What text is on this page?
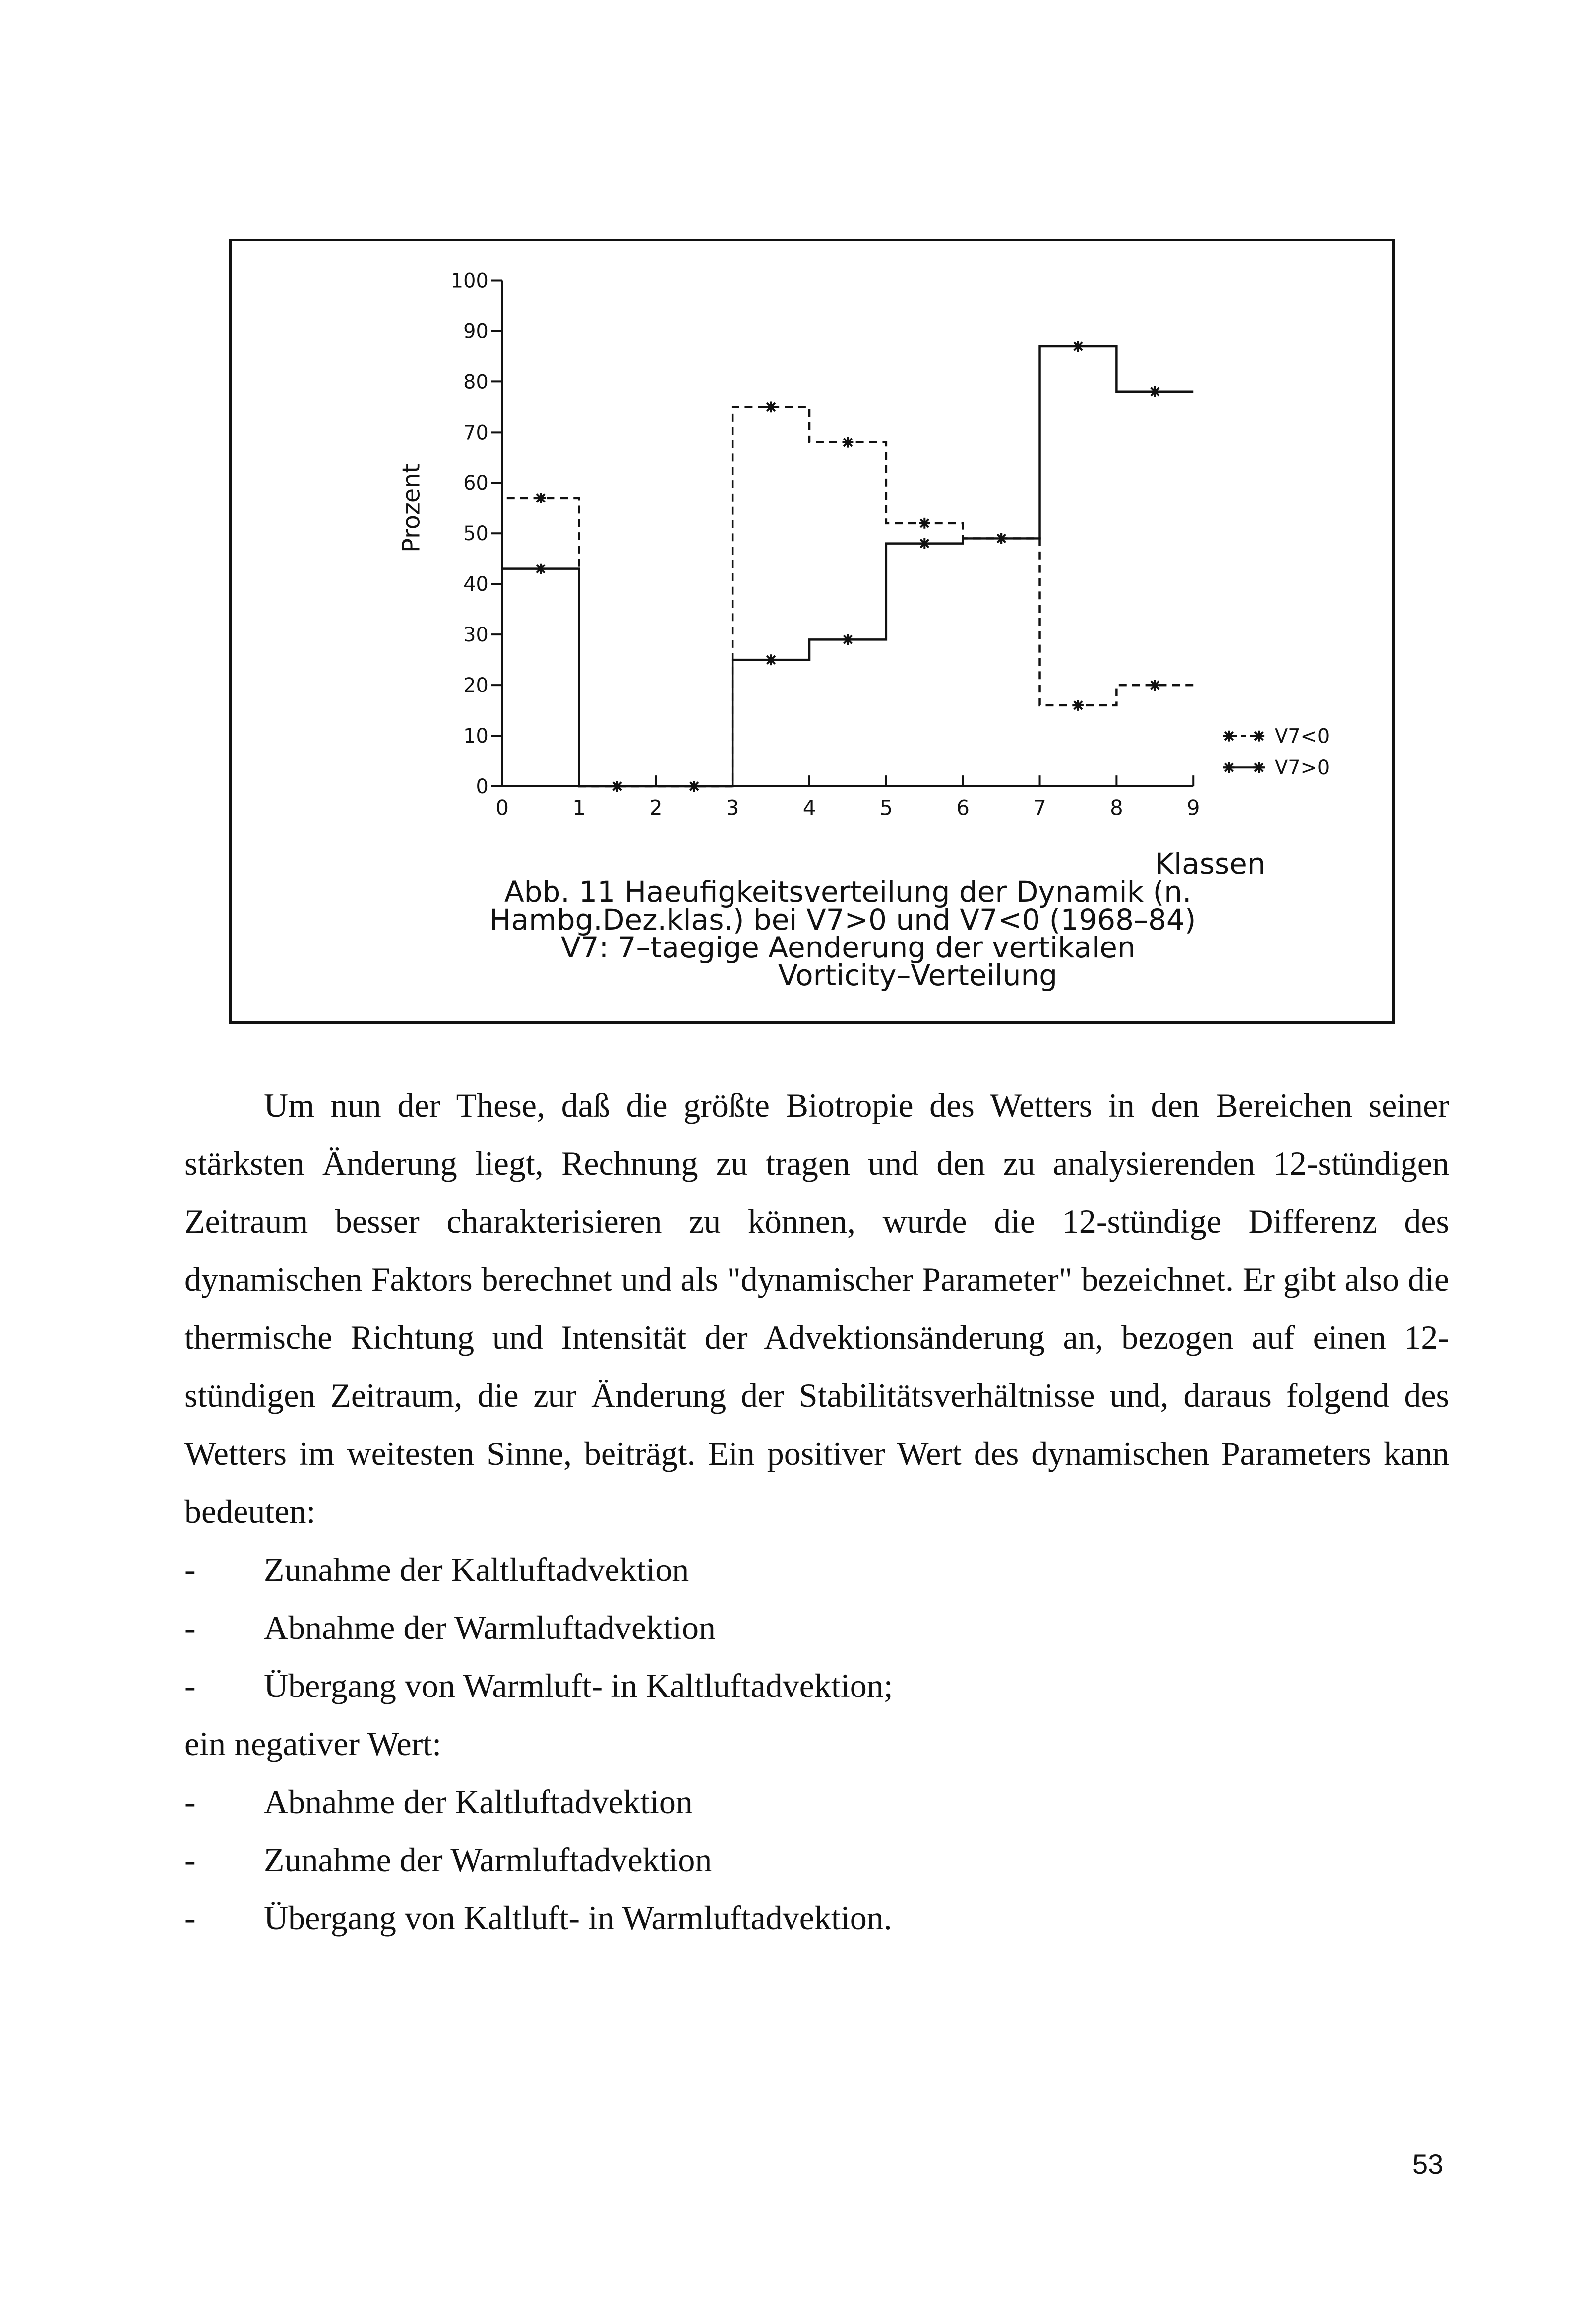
0
10
20
30
40
50
60
70
80
90
100
Prozent
0	1	2	3	4	5	6	7	8	9
V7<0
V7>0
Klassen
Abb. 11 Haeufigkeitsverteilung der Dynamik (n.
Hambg.Dez.klas.) bei V7>0 und V7<0 (1968–84)
V7: 7–taegige Aenderung der vertikalen
Vorticity–Verteilung

Um nun der These, daß die größte Biotropie des Wetters in den Bereichen seiner stärksten Änderung liegt, Rechnung zu tragen und den zu analysierenden 12-stündigen Zeitraum besser charakterisieren zu können, wurde die 12-stündige Differenz des dynamischen Faktors berechnet und als "dynamischer Parameter" bezeichnet. Er gibt also die thermische Richtung und Intensität der Advektionsänderung an, bezogen auf einen 12-stündigen Zeitraum, die zur Änderung der Stabilitätsverhältnisse und, daraus folgend des Wetters im weitesten Sinne, beiträgt. Ein positiver Wert des dynamischen Parameters kann bedeuten:

- Zunahme der Kaltluftadvektion

- Abnahme der Warmluftadvektion

- Übergang von Warmluft- in Kaltluftadvektion;

ein negativer Wert:

- Abnahme der Kaltluftadvektion

- Zunahme der Warmluftadvektion

- Übergang von Kaltluft- in Warmluftadvektion.

53
